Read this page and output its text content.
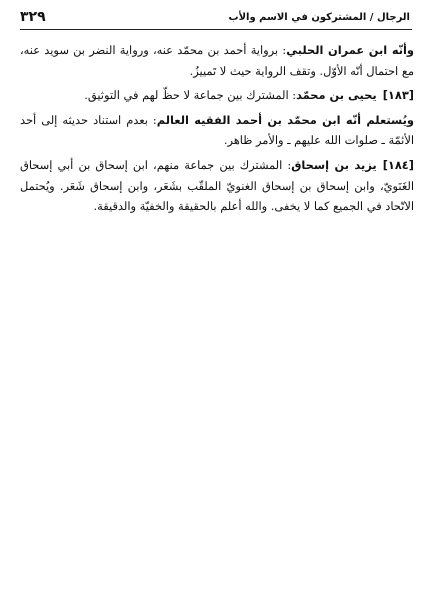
٣٢٩	الرجال / المشتركون في الاسم والأب

وأنّه ابن عمران الحلبي: برواية أحمد بن محمّد عنه، ورواية النضر بن سويد عنه، مع احتمال أنّه الأوّل. وتقف الرواية حيث لا تَمييزُ.

[١٨٣]يحيى بن محمّد: المشترك بين جماعة لا حظّ لهم في التوثيق.

ويُستعلم أنّه ابن محمّد بن أحمد الفقيه العالم: بعدم استناد حديثه إلى أحد الأئمّة ـ صلوات الله عليهم ـ والأمر ظاهر.

[١٨٤]يزيد بن إسحاق: المشترك بين جماعة منهم، ابن إسحاق بن أبي إسحاق الغَنَويّ، وابن إسحاق بن إسحاق الغنويّ الملقّب بشَعَر، وابن إسحاق شَعَر. ويُحتمل الاتّحاد في الجميع كما لا يخفى. والله أعلم بالحقيقة والخفيّة والدقيقة.
